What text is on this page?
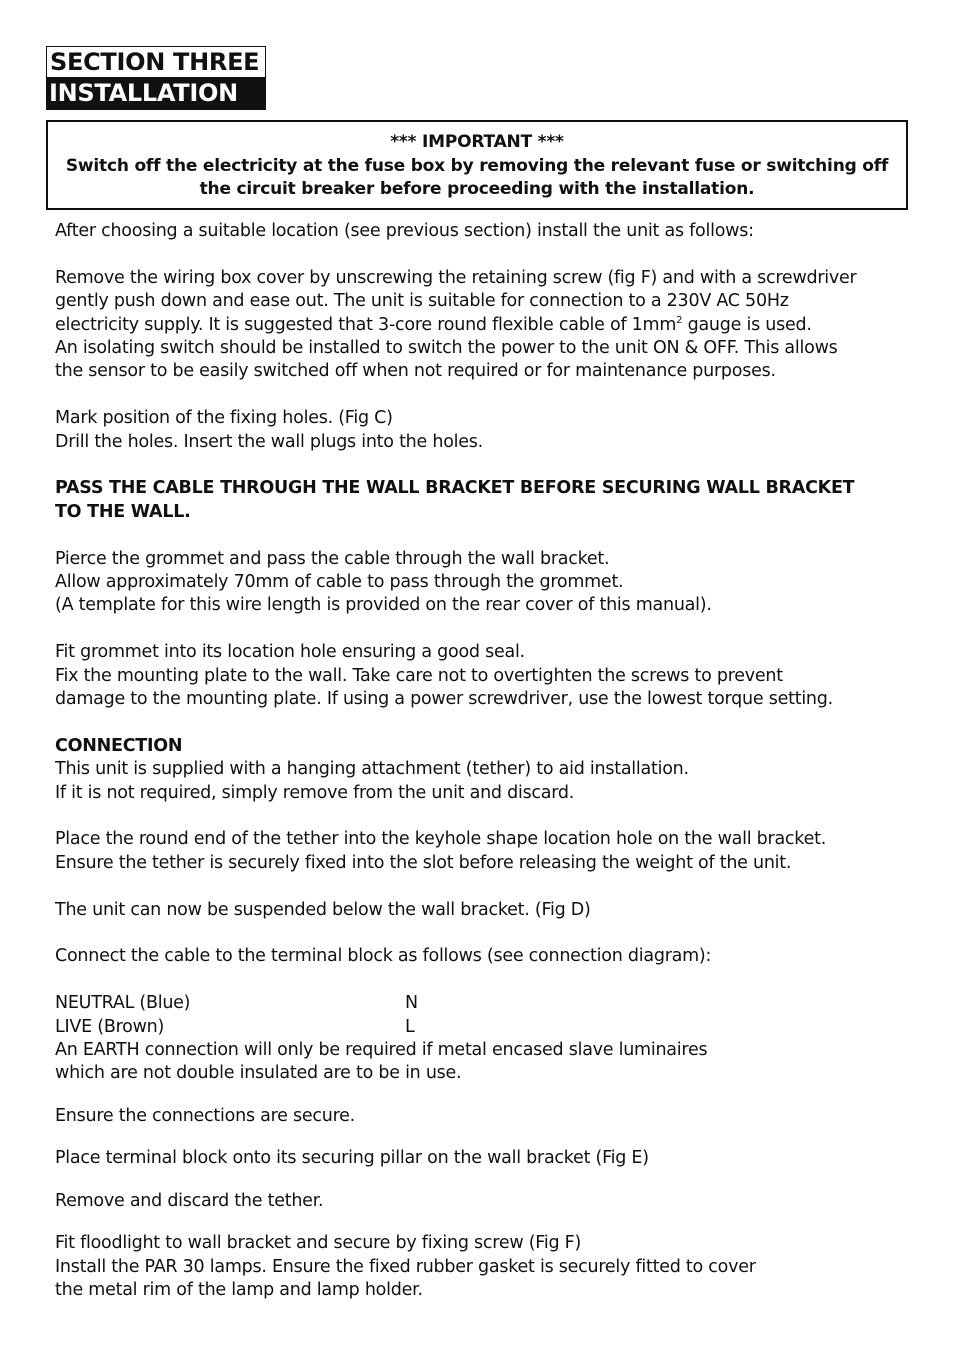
SECTION THREE
INSTALLATION
*** IMPORTANT ***
Switch off the electricity at the fuse box by removing the relevant fuse or switching off
the circuit breaker before proceeding with the installation.

After choosing a suitable location (see previous section) install the unit as follows:

Remove the wiring box cover by unscrewing the retaining screw (fig F) and with a screwdriver
gently push down and ease out. The unit is suitable for connection to a 230V AC 50Hz
electricity supply. It is suggested that 3-core round flexible cable of $1mm^2$ gauge is used.
An isolating switch should be installed to switch the power to the unit ON & OFF. This allows
the sensor to be easily switched off when not required or for maintenance purposes.

Mark position of the fixing holes. (Fig C)
Drill the holes. Insert the wall plugs into the holes.

PASS THE CABLE THROUGH THE WALL BRACKET BEFORE SECURING WALL BRACKET
TO THE WALL.

Pierce the grommet and pass the cable through the wall bracket.
Allow approximately 70mm of cable to pass through the grommet.
(A template for this wire length is provided on the rear cover of this manual).

Fit grommet into its location hole ensuring a good seal.
Fix the mounting plate to the wall. Take care not to overtighten the screws to prevent
damage to the mounting plate. If using a power screwdriver, use the lowest torque setting.

CONNECTION
This unit is supplied with a hanging attachment (tether) to aid installation.
If it is not required, simply remove from the unit and discard.

Place the round end of the tether into the keyhole shape location hole on the wall bracket.
Ensure the tether is securely fixed into the slot before releasing the weight of the unit.

The unit can now be suspended below the wall bracket. (Fig D)

Connect the cable to the terminal block as follows (see connection diagram):

NEUTRAL (Blue)	N
LIVE (Brown)	L
An EARTH connection will only be required if metal encased slave luminaires
which are not double insulated are to be in use.

Ensure the connections are secure.

Place terminal block onto its securing pillar on the wall bracket (Fig E)

Remove and discard the tether.

Fit floodlight to wall bracket and secure by fixing screw (Fig F)
Install the PAR 30 lamps. Ensure the fixed rubber gasket is securely fitted to cover
the metal rim of the lamp and lamp holder.
